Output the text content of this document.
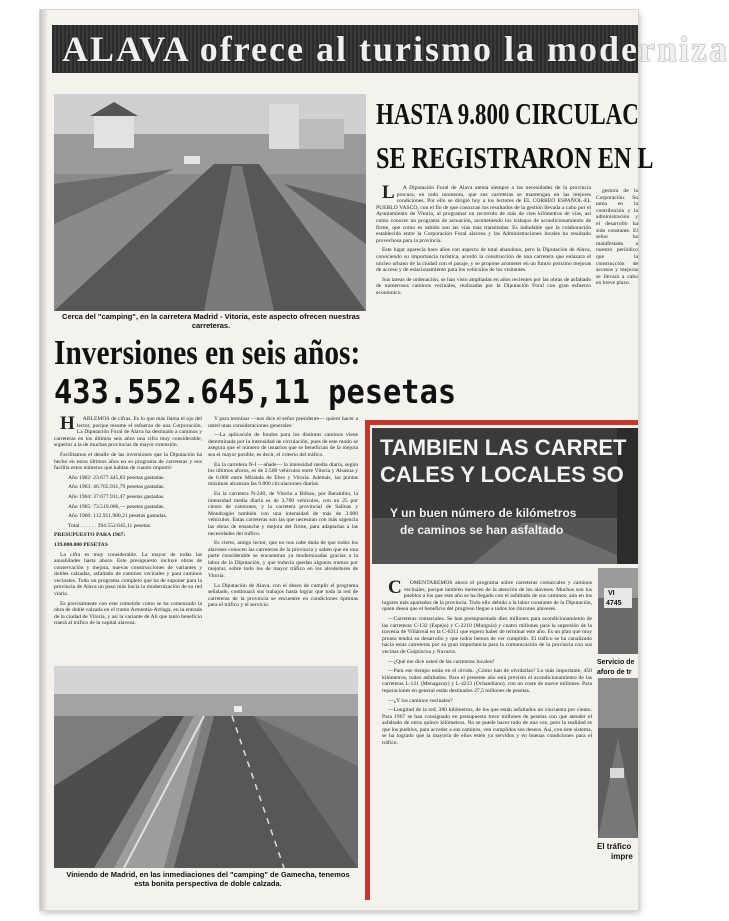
ALAVA ofrece al turismo la moderniza
Cerca del "camping", en la carretera Madrid - Vitoria, este aspecto ofrecen nuestras carreteras.
HASTA 9.800 CIRCULAC
SE REGISTRARON EN L

L A Diputación Foral de Alava atenta siempre a las necesidades de la provincia procura, en todo momento, que sus carreteras se mantengan en las mejores condiciones. Por ello se dirigió hoy a los lectores de EL CORREO ESPAÑOL-EL PUEBLO VASCO, con el fin de que conozcan los resultados de la gestión llevada a cabo por el Ayuntamiento de Vitoria, al programar un recorrido de más de cien kilómetros de vías, así como conocer un programa de actuación, acometiendo los trabajos de acondicionamiento de firme, que como es sabido son las vías más transitadas. Es indudable que la colaboración establecida entre la Corporación Foral alavesa y las Administraciones locales ha resultado provechosa para la provincia.

Este lugar aparecía hace años con aspecto de total abandono, pero la Diputación de Alava, conociendo su importancia turística, acordó la construcción de una carretera que enlazara el núcleo urbano de la ciudad con el paraje, y se propone acometer en un futuro próximo mejoras de acceso y de estacionamiento para los vehículos de los visitantes.

Sus tareas de ordenación, se han visto ampliadas en años recientes por las obras de asfaltado de numerosos caminos vecinales, realizadas por la Diputación Foral con gran esfuerzo económico.

gestora de la Corporación. Su tarea en la contribución y la administración y el desarrollo ha sido constante. El señor ha manifestado a nuestro periódico que la construcción de accesos y mejoras se llevará a cabo en breve plazo.

Inversiones en seis años:
433.552.645,11 pesetas

H ABLEMOS de cifras. Es lo que más llama el ojo del lector, porque resume el esfuerzo de una Corporación. La Diputación Foral de Alava ha destinado a caminos y carreteras en los últimos seis años una cifra muy considerable, superior a la de muchas provincias de mayor extensión.

Facilitamos el detalle de las inversiones que la Diputación ha hecho en estos últimos años en su programa de carreteras y nos facilita estos números que hablan de cuanto importó:

Año 1962: 23.677.445,83 pesetas gastadas.

Año 1963: 46.765.931,79 pesetas gastadas.

Año 1964: 37.677.911,47 pesetas gastadas.

Año 1965: 73.519.006,— pesetas gastadas.

Año 1966: 112.911.980,21 pesetas gastadas.

Total . . . . . . 294.552.645,11 pesetas.

PRESUPUESTO PARA 1967:

139.000.000 PESETAS

La cifra es muy considerable. La mayor de todas las anualidades hasta ahora. Este presupuesto incluye obras de conservación y mejora, nuevas construcciones de variantes y dobles calzadas, asfaltado de caminos vecinales y para caminos vecinales. Todo un programa completo que ha de suponer para la provincia de Alava un paso más hacia la modernización de su red viaria.

Es precisamente con este cometido como se ha comenzado la obra de doble calzada en el tramo Armentia-Arriaga, en la entrada de la ciudad de Vitoria, y así la variante de Ali que tanto beneficio traerá al tráfico de la capital alavesa.

Y para terminar —nos dice el señor presidente— quiero hacer a usted unas consideraciones generales:

—La aplicación de fondos para los distintos caminos viene determinada por la intensidad de circulación, pues de este modo se asegura que el número de usuarios que se benefician de la mejora sea el mayor posible, es decir, el criterio del tráfico.

En la carretera N-I —añade— la intensidad media diaria, según los últimos aforos, es de 2.500 vehículos entre Vitoria y Alsasua y de 6.000 entre Miranda de Ebro y Vitoria. Además, las puntas máximas alcanzan las 9.800 circulaciones diarias.

En la carretera N-240, de Vitoria a Bilbao, por Barambio, la intensidad media diaria es de 3.700 vehículos, con un 25 por ciento de camiones, y la carretera provincial de Salinas y Mondragón también con una intensidad de más de 3.000 vehículos. Estas carreteras son las que necesitan con más urgencia las obras de ensanche y mejora del firme, para adaptarlas a las necesidades del tráfico.

Es cierto, amigo lector, que no nos cabe duda de que todos los alaveses conocen las carreteras de la provincia y saben que en una parte considerable se encuentran ya modernizadas gracias a la labor de la Diputación, y que todavía quedan algunos tramos por mejorar, sobre todo los de mayor tráfico en los alrededores de Vitoria.

La Diputación de Alava, con el deseo de cumplir el programa señalado, continuará sus trabajos hasta lograr que toda la red de carreteras de la provincia se encuentre en condiciones óptimas para el tráfico y el servicio.

Viniendo de Madrid, en las inmediaciones del "camping" de Gamecha, tenemos esta bonita perspectiva de doble calzada.
TAMBIEN LAS CARRET
CALES Y LOCALES SO
Y un buen número de kilómetros
de caminos se han asfaltado

C OMENTAREMOS ahora el programa sobre carreteras comarcales y caminos vecinales, porque también merecen de la atención de los alaveses. Muchos son los pueblos a los que este año se ha llegado con el asfaltado de sus caminos, aún en los lugares más apartados de la provincia. Todo ello debido a la labor constante de la Diputación, quien desea que el beneficio del progreso llegue a todos los rincones alaveses.

—Carreteras comarcales. Se han presupuestado diez millones para acondicionamiento de las carreteras C-132 (Espejo) y C-2210 (Murguía) y cuatro millones para la supresión de la travesía de Villarreal en la C-6211 que espero haber de terminar este año. Es un plan que muy pronto tendrá su desarrollo y que todos hemos de ver cumplido. El tráfico se ha canalizado hacia estas carreteras por su gran importancia para la comunicación de la provincia con sus vecinas de Guipúzcoa y Navarra.

—¿Qué me dice usted de las carreteras locales?

—Para ese tiempo están en el olvido. ¿Cómo han de olvidarlas? Lo más importante, 450 kilómetros, todos asfaltados. Para el presente año está previsto el acondicionamiento de las carreteras L-121 (Menagaray) y L-4213 (Ochandiano), con un coste de nueve millones. Para reparaciones en general están destinados 27,5 millones de pesetas.

—¿Y los caminos vecinales?

—Longitud de la red, 380 kilómetros, de los que están asfaltados un cincuenta por ciento. Para 1967 se han consignado en presupuesto trece millones de pesetas con que atender el asfaltado de otros quince kilómetros. No se puede hacer todo de una vez, pero la realidad es que los pueblos, para acceder a sus caminos, ven cumplidos sus deseos. Así, con este sistema, se ha logrado que la mayoría de ellos estén ya servidos y en buenas condiciones para el tráfico.

VI
4745
Servicio de
aforo de tr
El tráfico
impre
